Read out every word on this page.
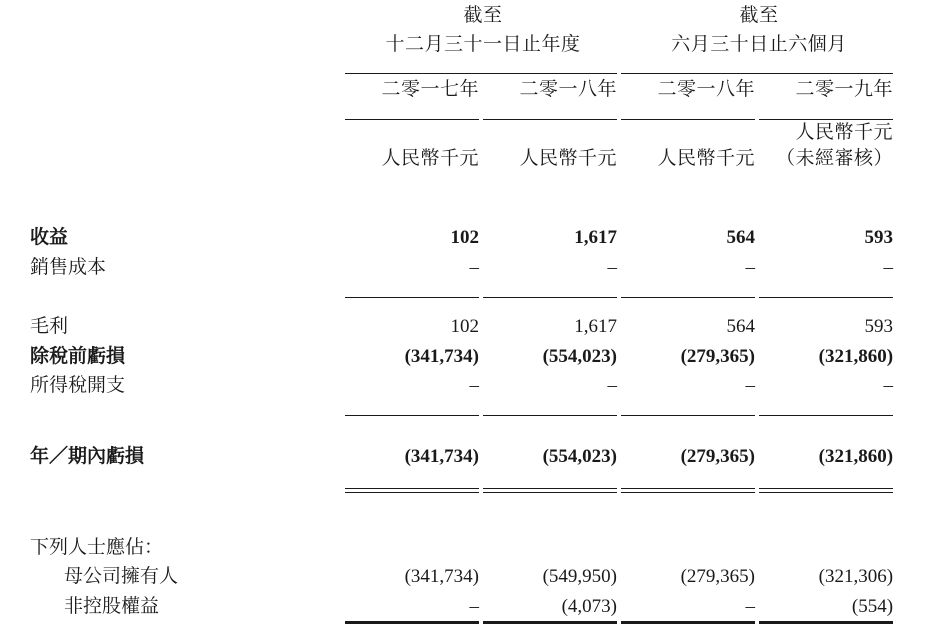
	截至		截至	

	十二月三十一日止年度		六月三十日止六個月	

	二零一七年	二零一八年	二零一八年	二零一九年

	人民幣千元	人民幣千元	人民幣千元	人民幣千元
（未經審核）

收益	102	1,617	564	593
銷售成本	–	–	–	–

毛利	102	1,617	564	593
除稅前虧損	(341,734)	(554,023)	(279,365)	(321,860)
所得稅開支	–	–	–	–

年／期內虧損	(341,734)	(554,023)	(279,365)	(321,860)

下列人士應佔：				
母公司擁有人	(341,734)	(549,950)	(279,365)	(321,306)
非控股權益	–	(4,073)	–	(554)
